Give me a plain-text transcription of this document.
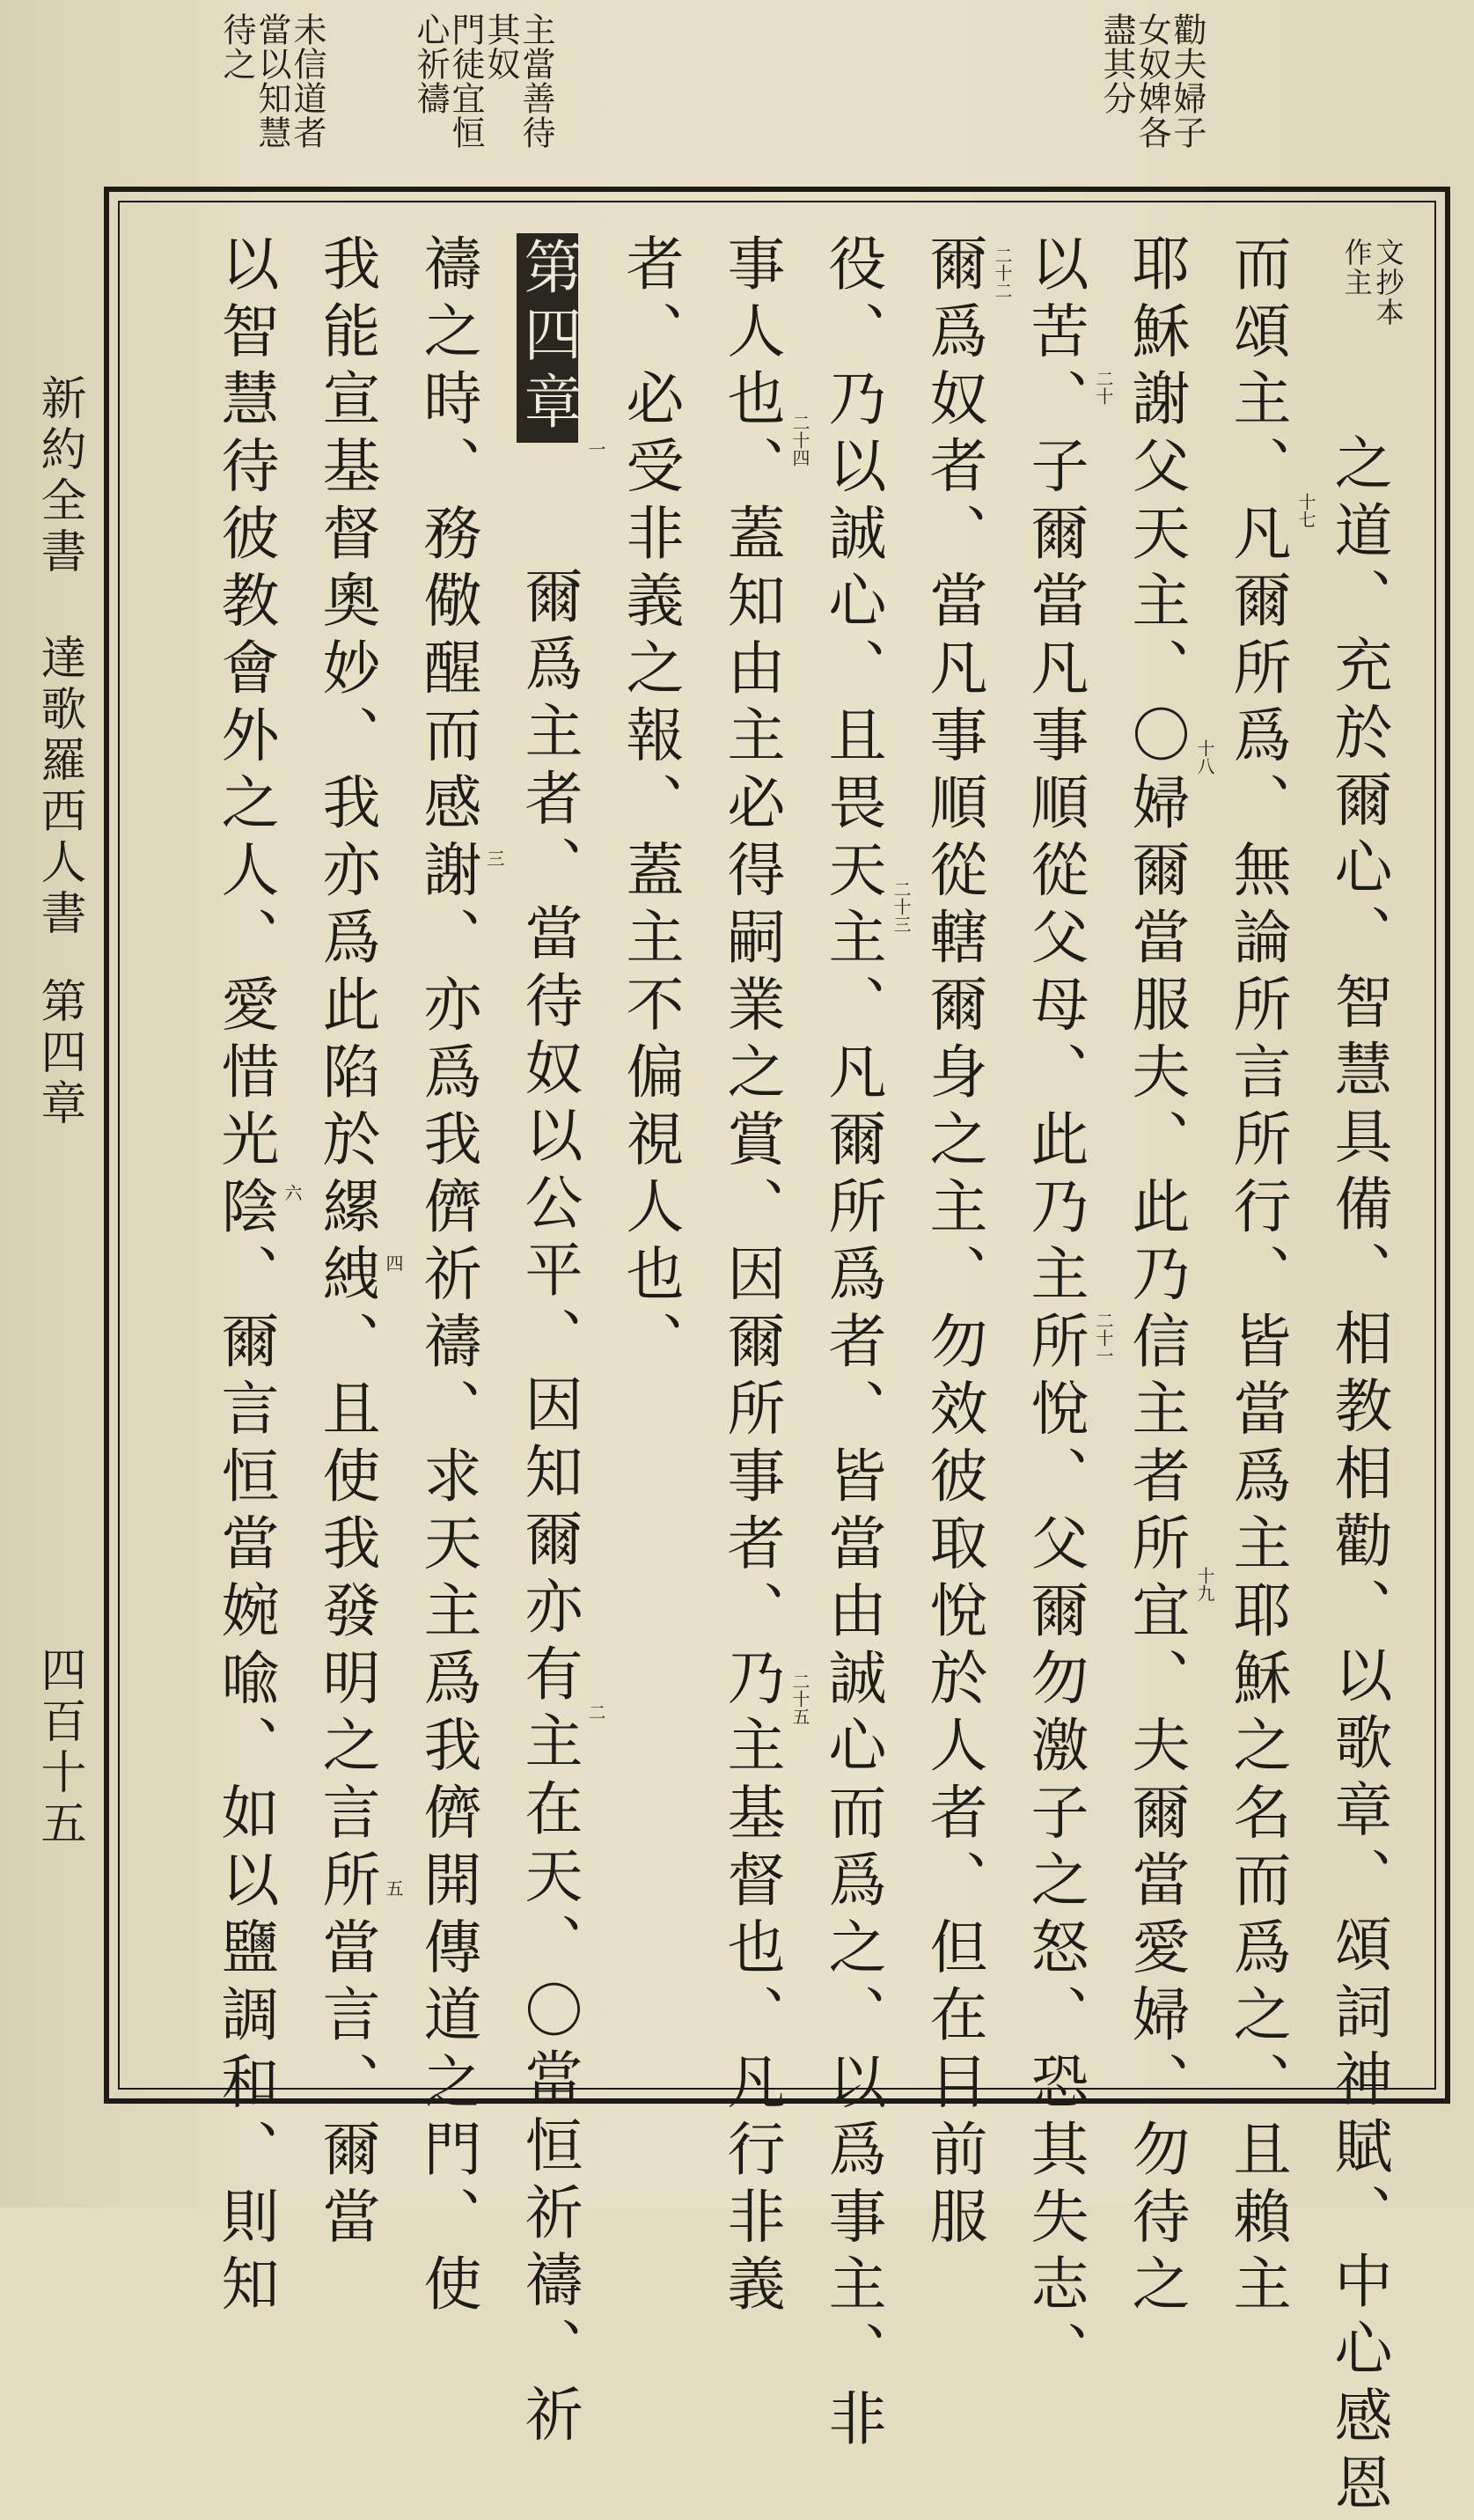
勸夫婦子

女奴婢各

盡其分

主當善待

其奴

門徒宜恒

心祈禱

未信道者

當以知慧

待之

文抄本

作主

　之道、充於爾心、智慧具備、相教相勸、以歌章、頌詞神賦、中心感恩

而頌主、凡爾所爲、無論所言所行、皆當爲主耶穌之名而爲之、且賴主

耶穌謝父天主、〇婦爾當服夫、此乃信主者所宜、夫爾當愛婦、勿待之

以苦、子爾當凡事順從父母、此乃主所悅、父爾勿激子之怒、恐其失志、

爾爲奴者、當凡事順從轄爾身之主、勿效彼取悅於人者、但在目前服

役、乃以誠心、且畏天主、凡爾所爲者、皆當由誠心而爲之、以爲事主、非

事人也、蓋知由主必得嗣業之賞、因爾所事者、乃主基督也、凡行非義

者、必受非義之報、蓋主不偏視人也、

第四章

　　爾爲主者、當待奴以公平、因知爾亦有主在天、〇當恒祈禱、祈

禱之時、務儆醒而感謝、亦爲我儕祈禱、求天主爲我儕開傳道之門、使

我能宣基督奧妙、我亦爲此陷於縲絏、且使我發明之言所當言、爾當

以智慧待彼教會外之人、愛惜光陰、爾言恒當婉喩、如以鹽調和、則知	十七
十八
十九
二十
二十一
二十二
二十三
二十四
二十五
一
二
三
四
五
六
新約全書
達歌羅西人書
第四章
四百十五
